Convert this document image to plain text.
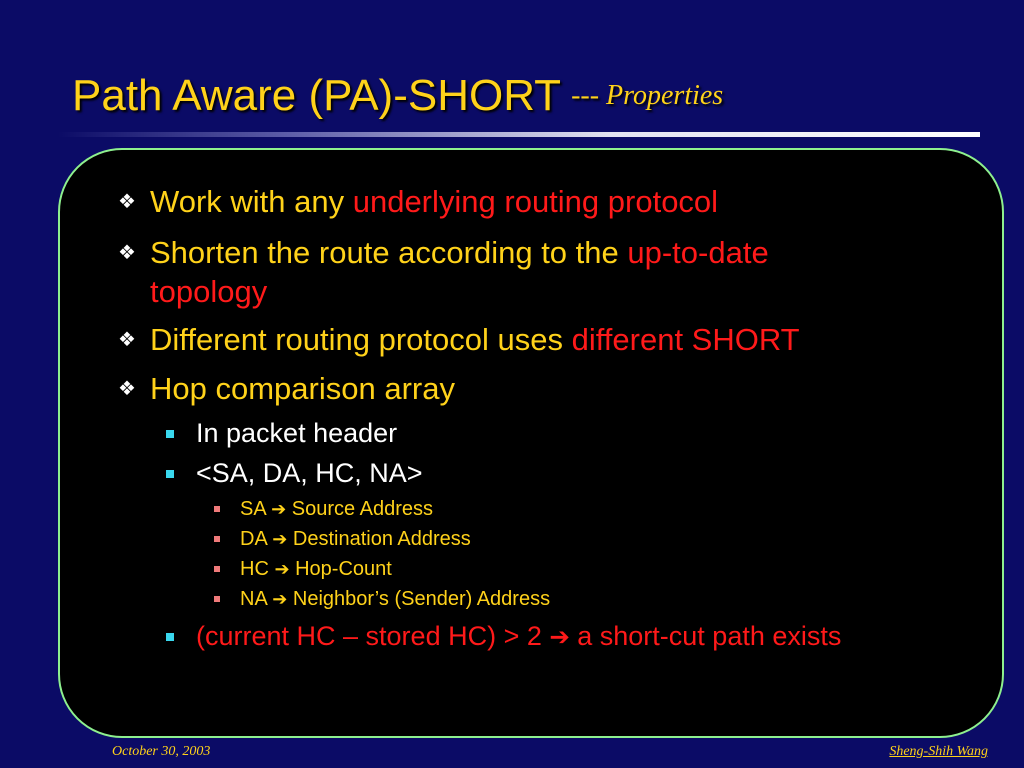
Path Aware (PA)-SHORT --- Properties
❖ Work with any underlying routing protocol
❖ Shorten the route according to the up-to-date
topology
❖ Different routing protocol uses different SHORT
❖ Hop comparison array
In packet header
<SA, DA, HC, NA>
SA ➔ Source Address
DA ➔ Destination Address
HC ➔ Hop-Count
NA ➔ Neighbor’s (Sender) Address
(current HC – stored HC) > 2 ➔ a short-cut path exists
October 30, 2003	Sheng-Shih Wang
